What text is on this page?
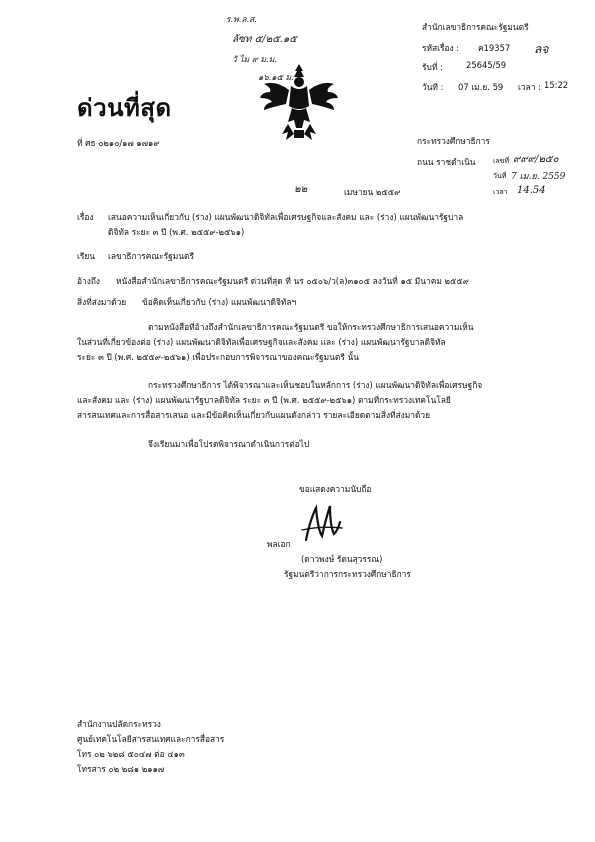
ร.พ.ล.ส.
ลัซท ๕/๒๕.๑๕
วั ไม ๙ ม.ม.
๑๖.๑๕ ม.
สำนักเลขาธิการคณะรัฐมนตรี
รหัสเรื่อง : ค19357 ลจ
รับที่ :	25645/59
วันที่ : 07 เม.ย. 59 เวลา : 15:22
ด่วนที่สุด
ที่ ศธ ๐๒๑๐/๑๗ ๑๗๑๙	กระทรวงศึกษาธิการ
ถนน ราชดำเนิน เลขที่ ๙๙๙/๒๕๐
วันที่ 7 เม.ย. 2559
เวลา 14.54
๒๒	เมษายน ๒๕๕๙
เรื่อง เสนอความเห็นเกี่ยวกับ (ร่าง) แผนพัฒนาดิจิทัลเพื่อเศรษฐกิจและสังคม และ (ร่าง) แผนพัฒนารัฐบาล
ดิจิทัล ระยะ ๓ ปี (พ.ศ. ๒๕๕๙-๒๕๖๑)
เรียน เลขาธิการคณะรัฐมนตรี
อ้างถึง หนังสือสำนักเลขาธิการคณะรัฐมนตรี ด่วนที่สุด ที่ นร ๐๕๐๖/ว(ล)๓๑๐๕ ลงวันที่ ๑๕ มีนาคม ๒๕๕๙
สิ่งที่ส่งมาด้วย ข้อคิดเห็นเกี่ยวกับ (ร่าง) แผนพัฒนาดิจิทัลฯ
ตามหนังสือที่อ้างถึงสำนักเลขาธิการคณะรัฐมนตรี ขอให้กระทรวงศึกษาธิการเสนอความเห็น
ในส่วนที่เกี่ยวข้องต่อ (ร่าง) แผนพัฒนาดิจิทัลเพื่อเศรษฐกิจและสังคม และ (ร่าง) แผนพัฒนารัฐบาลดิจิทัล
ระยะ ๓ ปี (พ.ศ. ๒๕๕๙-๒๕๖๑) เพื่อประกอบการพิจารณาของคณะรัฐมนตรี นั้น
กระทรวงศึกษาธิการ ได้พิจารณาและเห็นชอบในหลักการ (ร่าง) แผนพัฒนาดิจิทัลเพื่อเศรษฐกิจ
และสังคม และ (ร่าง) แผนพัฒนารัฐบาลดิจิทัล ระยะ ๓ ปี (พ.ศ. ๒๕๕๙-๒๕๖๑) ตามที่กระทรวงเทคโนโลยี
สารสนเทศและการสื่อสารเสนอ และมีข้อคิดเห็นเกี่ยวกับแผนดังกล่าว รายละเอียดตามสิ่งที่ส่งมาด้วย
จึงเรียนมาเพื่อโปรดพิจารณาดำเนินการต่อไป
ขอแสดงความนับถือ
พลเอก
(ดาวพงษ์ รัตนสุวรรณ)
รัฐมนตรีว่าการกระทรวงศึกษาธิการ
สำนักงานปลัดกระทรวง
ศูนย์เทคโนโลยีสารสนเทศและการสื่อสาร
โทร ๐๒ ๖๒๘ ๕๐๔๗ ต่อ ๔๑๓
โทรสาร ๐๒ ๒๘๑ ๒๑๑๗
